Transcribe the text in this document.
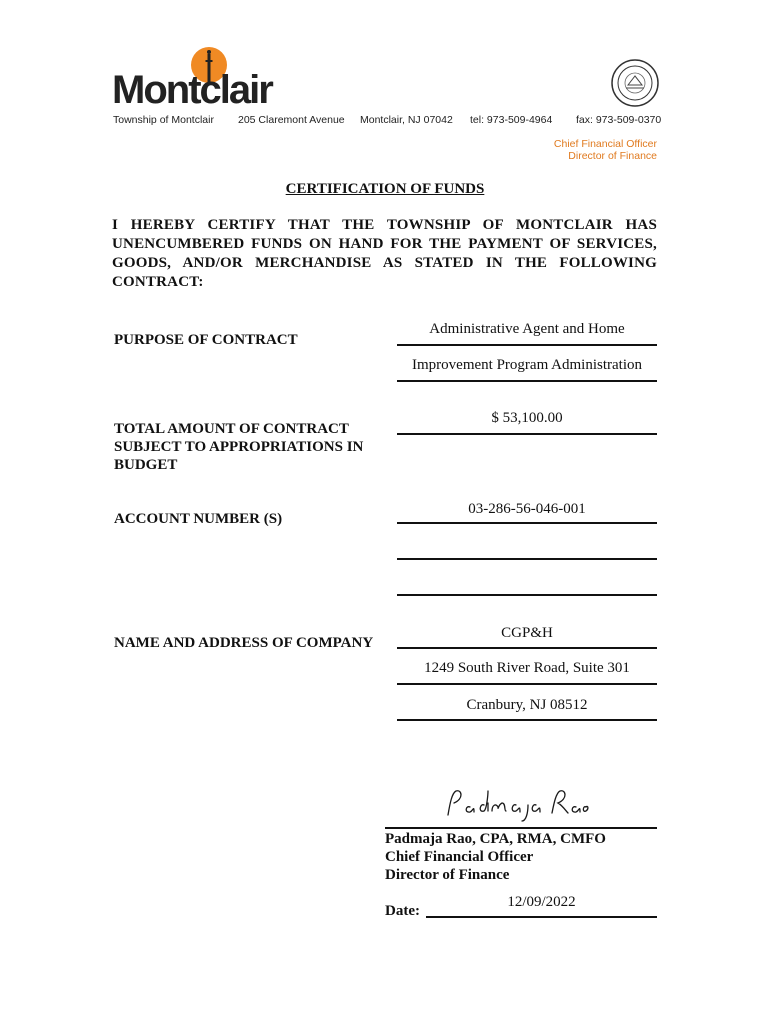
Montclair
Township of Montclair 205 Claremont Avenue Montclair, NJ 07042 tel: 973-509-4964 fax: 973-509-0370
Chief Financial Officer
Director of Finance
CERTIFICATION OF FUNDS
I HEREBY CERTIFY THAT THE TOWNSHIP OF MONTCLAIR HAS UNENCUMBERED FUNDS ON HAND FOR THE PAYMENT OF SERVICES, GOODS, AND/OR MERCHANDISE AS STATED IN THE FOLLOWING CONTRACT:
PURPOSE OF CONTRACT
Administrative Agent and Home
Improvement Program Administration
TOTAL AMOUNT OF CONTRACT
SUBJECT TO APPROPRIATIONS IN
BUDGET
$ 53,100.00
ACCOUNT NUMBER (S)
03-286-56-046-001
NAME AND ADDRESS OF COMPANY
CGP&H
1249 South River Road, Suite 301
Cranbury, NJ 08512
Padmaja Rao, CPA, RMA, CMFO
Chief Financial Officer
Director of Finance
Date:
12/09/2022
